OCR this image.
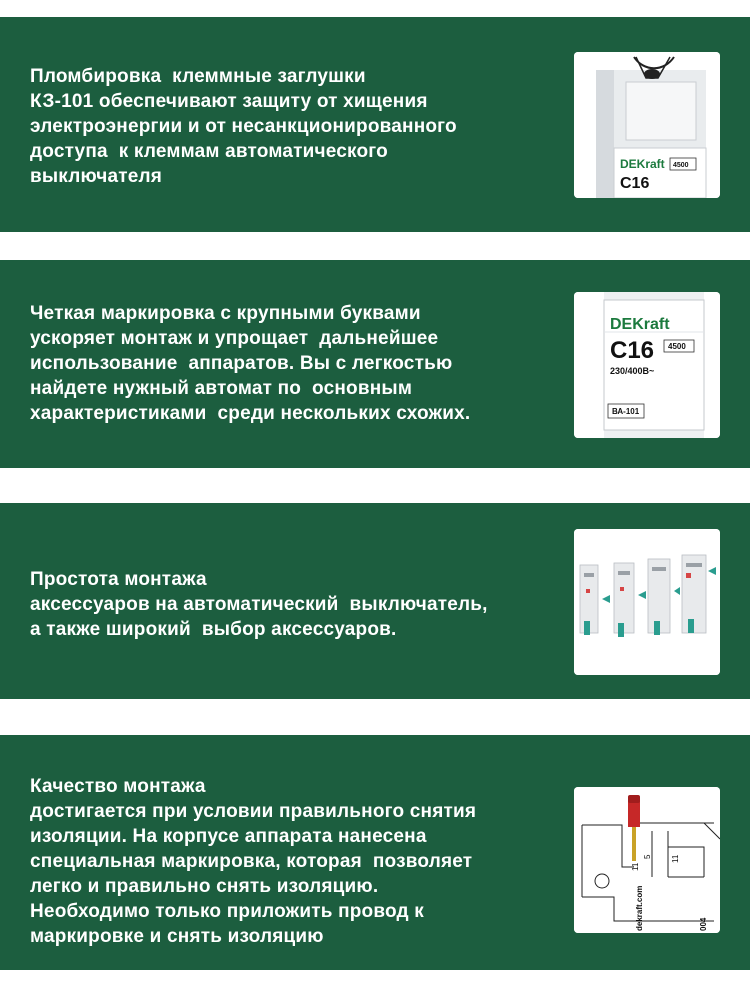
Пломбировка  клеммные заглушки
КЗ-101 обеспечивают защиту от хищения
электроэнергии и от несанкционированного
доступа  к клеммам автоматического
выключателя
DEKraft
C16
4500
Четкая маркировка с крупными буквами
ускоряет монтаж и упрощает  дальнейшее
использование  аппаратов. Вы с легкостью
найдете нужный автомат по  основным
характеристиками  среди нескольких схожих.
DEKraft
C16 4500
230/400В~
ВА-101
Простота монтажа
аксессуаров на автоматический  выключатель,
а также широкий  выбор аксессуаров.
Качество монтажа
достигается при условии правильного снятия
изоляции. На корпусе аппарата нанесена
специальная маркировка, которая  позволяет
легко и правильно снять изоляцию.
Необходимо только приложить провод к
маркировке и снять изоляцию
11
5 11
dekraft.com	004
